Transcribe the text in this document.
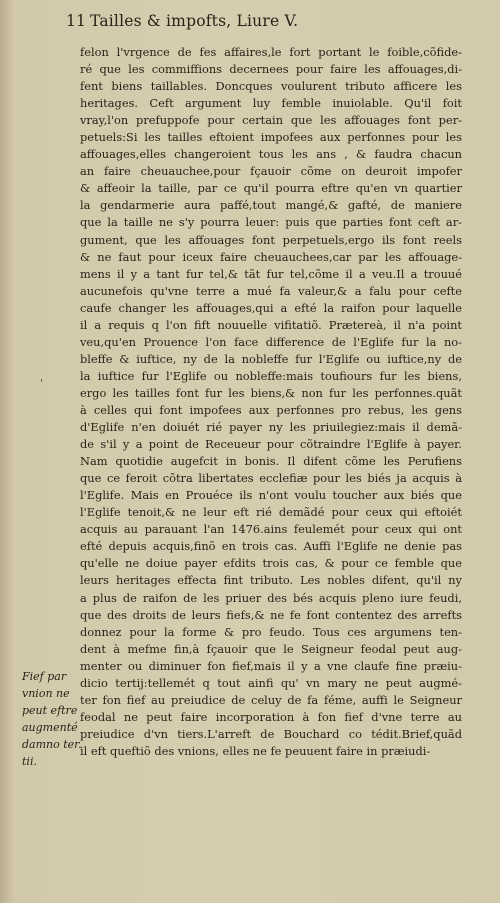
11 Tailles & impofts, Liure V.
felon l'vrgence de fes affaires,le fort portant le foible,cõfide-
ré que les commiffions decernees pour faire les affouages,di-
fent biens taillables. Doncques voulurent tributo afficere les
heritages. Ceft argument luy femble inuiolable. Qu'il foit
vray,l'on prefuppofe pour certain que les affouages font per-
petuels:Si les tailles eftoient impofees aux perfonnes pour les
affouages,elles changeroient tous les ans , & faudra chacun
an faire cheuauchee,pour fçauoir cõme on deuroit impofer
& affeoir la taille, par ce qu'il pourra eftre qu'en vn quartier
la gendarmerie aura paffé,tout mangé,& gafté, de maniere
que la taille ne s'y pourra leuer: puis que parties font ceft ar-
gument, que les affouages font perpetuels,ergo ils font reels
& ne faut pour iceux faire cheuauchees,car par les affouage-
mens il y a tant fur tel,& tãt fur tel,cõme il a veu.Il a trouué
aucunefois qu'vne terre a mué fa valeur,& a falu pour cefte
caufe changer les affouages,qui a efté la raifon pour laquelle
il a requis q l'on fift nouuelle vifitatiõ. Prætereà, il n'a point
veu,qu'en Prouence l'on face difference de l'Eglife fur la no-
bleffe & iuftice, ny de la nobleffe fur l'Eglife ou iuftice,ny de
la iuftice fur l'Eglife ou nobleffe:mais toufiours fur les biens,
ergo les tailles font fur les biens,& non fur les perfonnes.quãt
à celles qui font impofees aux perfonnes pro rebus, les gens
d'Eglife n'en doiuét rié payer ny les priuilegiez:mais il demã-
de s'il y a point de Receueur pour cõtraindre l'Eglife à payer.
Nam quotidie augefcit in bonis. Il difent cõme les Perufiens
que ce feroit cõtra libertates ecclefiæ pour les biés ja acquis à
l'Eglife. Mais en Prouéce ils n'ont voulu toucher aux biés que
l'Eglife tenoit,& ne leur eft rié demãdé pour ceux qui eftoiét
acquis au parauant l'an 1476.ains feulemét pour ceux qui ont
efté depuis acquis,finõ en trois cas. Auffi l'Eglife ne denie pas
qu'elle ne doiue payer efdits trois cas, & pour ce femble que
leurs heritages effecta fint tributo. Les nobles difent, qu'il ny
a plus de raifon de les priuer des bés acquis pleno iure feudi,
que des droits de leurs fiefs,& ne fe font contentez des arrefts
donnez pour la forme & pro feudo. Tous ces argumens ten-
dent à mefme fin,à fçauoir que le Seigneur feodal peut aug-
menter ou diminuer fon fief,mais il y a vne claufe fine præiu-
dicio tertij:tellemét q tout ainfi qu' vn mary ne peut augmé-
ter fon fief au preiudice de celuy de fa féme, auffi le Seigneur
feodal ne peut faire incorporation à fon fief d'vne terre au
preiudice d'vn tiers.L'arreft de Bouchard co tédit.Brief,quãd
il eft queftiõ des vnions, elles ne fe peuuent faire in præiudi-
'
Fief par
vnion ne
peut eftre
augmenté
damno ter.
tii.
